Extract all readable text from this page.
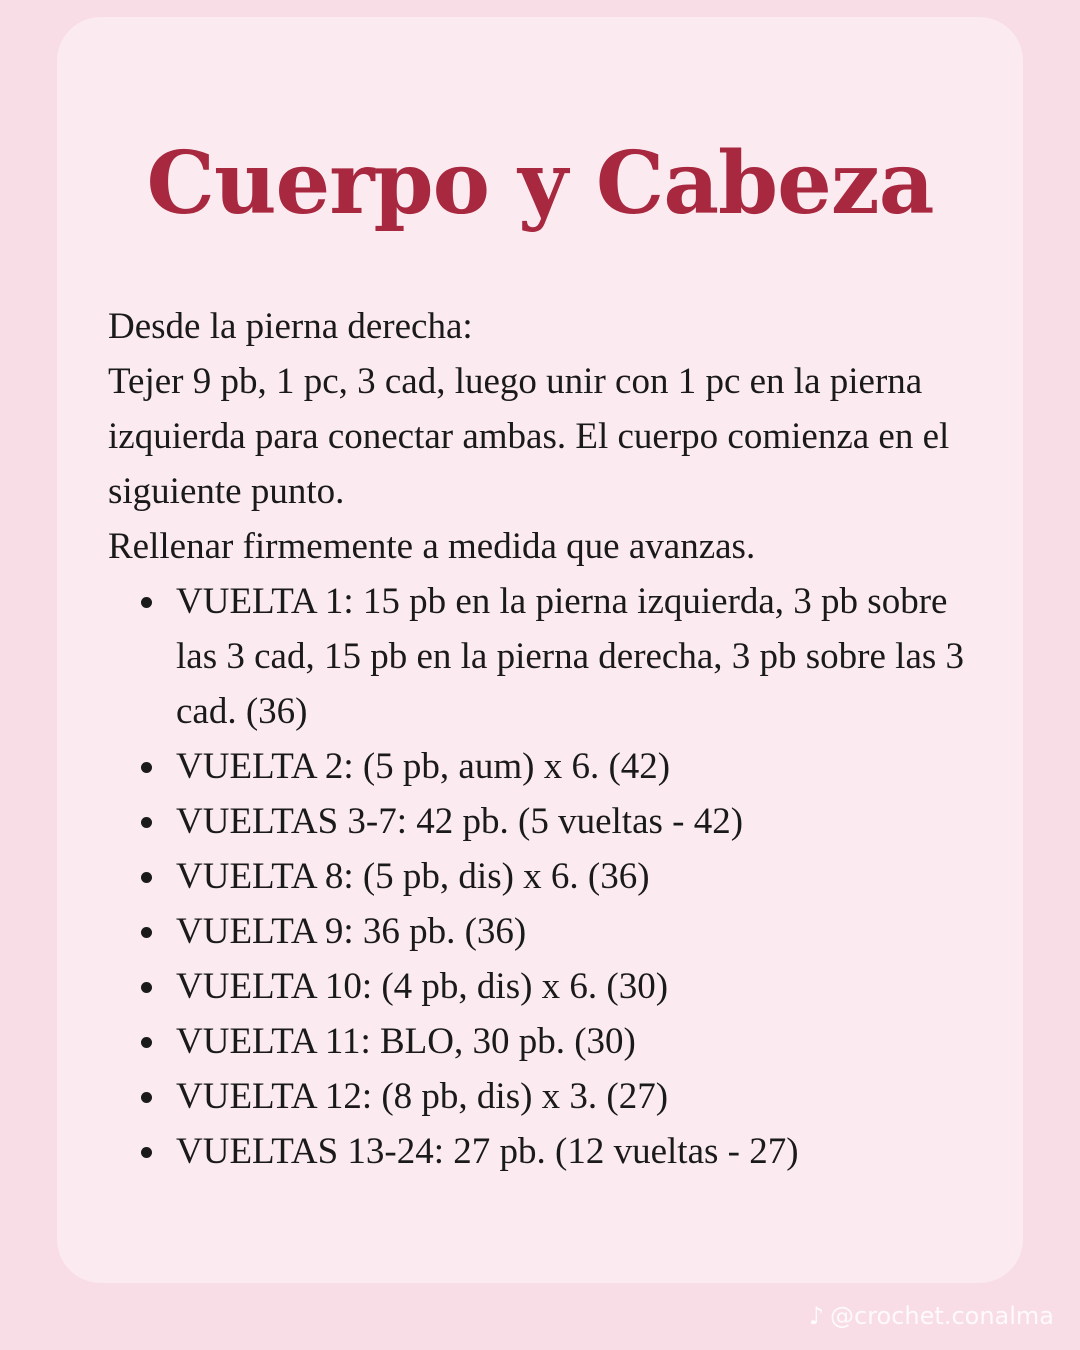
Cuerpo y Cabeza

Desde la pierna derecha:

Tejer 9 pb, 1 pc, 3 cad, luego unir con 1 pc en la pierna izquierda para conectar ambas. El cuerpo comienza en el siguiente punto.

Rellenar firmemente a medida que avanzas.

VUELTA 1: 15 pb en la pierna izquierda, 3 pb sobre las 3 cad, 15 pb en la pierna derecha, 3 pb sobre las 3 cad. (36)
VUELTA 2: (5 pb, aum) x 6. (42)
VUELTAS 3-7: 42 pb. (5 vueltas - 42)
VUELTA 8: (5 pb, dis) x 6. (36)
VUELTA 9: 36 pb. (36)
VUELTA 10: (4 pb, dis) x 6. (30)
VUELTA 11: BLO, 30 pb. (30)
VUELTA 12: (8 pb, dis) x 3. (27)
VUELTAS 13-24: 27 pb. (12 vueltas - 27)
♪ @crochet.conalma
